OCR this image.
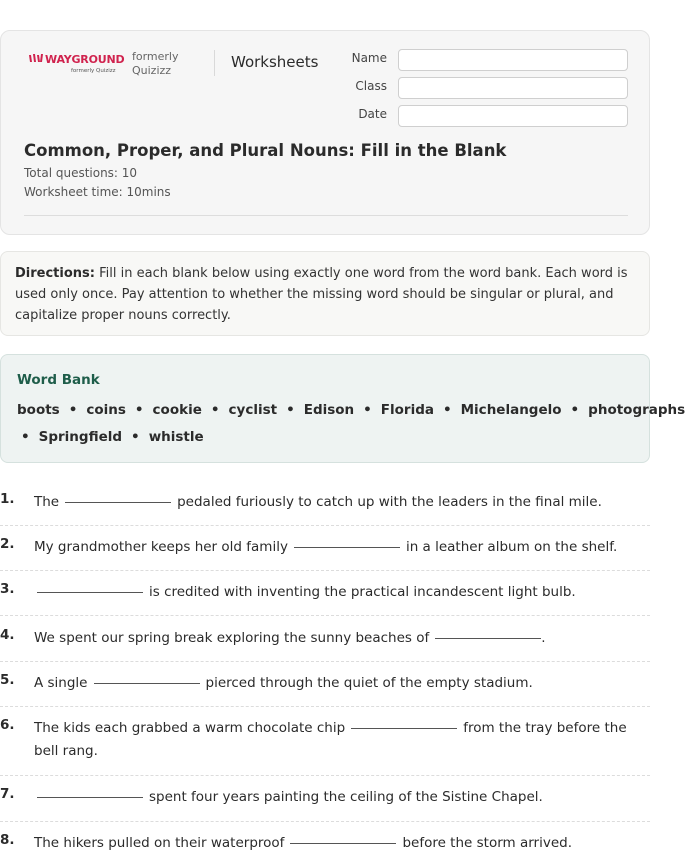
WAYGROUND
formerly Quizizz
formerly Quizizz	Worksheets	Name
Class
Date
Common, Proper, and Plural Nouns: Fill in the Blank
Total questions: 10
Worksheet time: 10mins
Directions: Fill in each blank below using exactly one word from the word bank. Each word is used only once. Pay attention to whether the missing word should be singular or plural, and capitalize proper nouns correctly.
Word Bank
boots • coins • cookie • cyclist • Edison • Florida • Michelangelo • photographs
• Springfield • whistle
1. The	pedaled furiously to catch up with the leaders in the final mile.
2. My grandmother keeps her old family	in a leather album on the shelf.
3.	is credited with inventing the practical incandescent light bulb.
4. We spent our spring break exploring the sunny beaches of	.
5. A single	pierced through the quiet of the empty stadium.
6. The kids each grabbed a warm chocolate chip	from the tray before the bell rang.
7.	spent four years painting the ceiling of the Sistine Chapel.
8. The hikers pulled on their waterproof	before the storm arrived.
